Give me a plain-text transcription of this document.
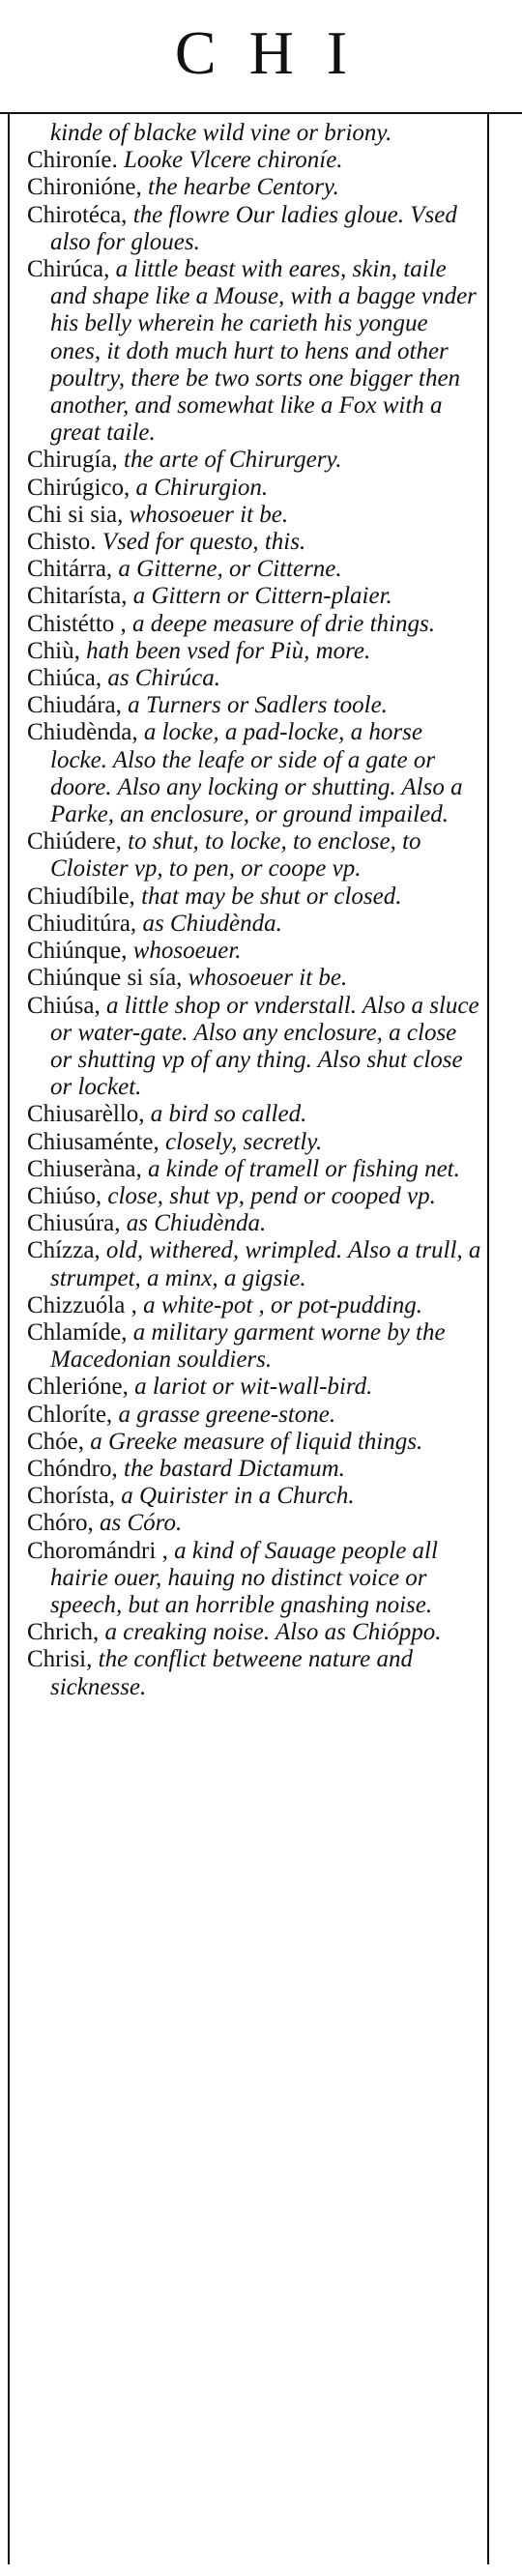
CHI

kinde of blacke wild vine or briony.

Chironíe. Looke Vlcere chironíe.

Chironióne, the hearbe Centory.

Chirotéca, the flowre Our ladies gloue. Vsed also for gloues.

Chirúca, a little beast with eares, skin, taile and shape like a Mouse, with a bagge vnder his belly wherein he carieth his yongue ones, it doth much hurt to hens and other poultry, there be two sorts one bigger then another, and somewhat like a Fox with a great taile.

Chirugía, the arte of Chirurgery.

Chirúgico, a Chirurgion.

Chi si sia, whosoeuer it be.

Chisto. Vsed for questo, this.

Chitárra, a Gitterne, or Citterne.

Chitarísta, a Gittern or Cittern-plaier.

Chistétto , a deepe measure of drie things.

Chiù, hath been vsed for Più, more.

Chiúca, as Chirúca.

Chiudára, a Turners or Sadlers toole.

Chiudènda, a locke, a pad-locke, a horse locke. Also the leafe or side of a gate or doore. Also any locking or shutting. Also a Parke, an enclosure, or ground impailed.

Chiúdere, to shut, to locke, to enclose, to Cloister vp, to pen, or coope vp.

Chiudíbile, that may be shut or closed.

Chiuditúra, as Chiudènda.

Chiúnque, whosoeuer.

Chiúnque si sía, whosoeuer it be.

Chiúsa, a little shop or vnderstall. Also a sluce or water-gate. Also any enclosure, a close or shutting vp of any thing. Also shut close or locket.

Chiusarèllo, a bird so called.

Chiusaménte, closely, secretly.

Chiuseràna, a kinde of tramell or fishing net.

Chiúso, close, shut vp, pend or cooped vp.

Chiusúra, as Chiudènda.

Chízza, old, withered, wrimpled. Also a trull, a strumpet, a minx, a gigsie.

Chizzuóla , a white-pot , or pot-pudding.

Chlamíde, a military garment worne by the Macedonian souldiers.

Chlerióne, a lariot or wit-wall-bird.

Chloríte, a grasse greene-stone.

Chóe, a Greeke measure of liquid things.

Chóndro, the bastard Dictamum.

Chorísta, a Quirister in a Church.

Chóro, as Córo.

Choromándri , a kind of Sauage people all hairie ouer, hauing no distinct voice or speech, but an horrible gnashing noise.

Chrich, a creaking noise. Also as Chióppo.

Chrisi, the conflict betweene nature and sicknesse.
